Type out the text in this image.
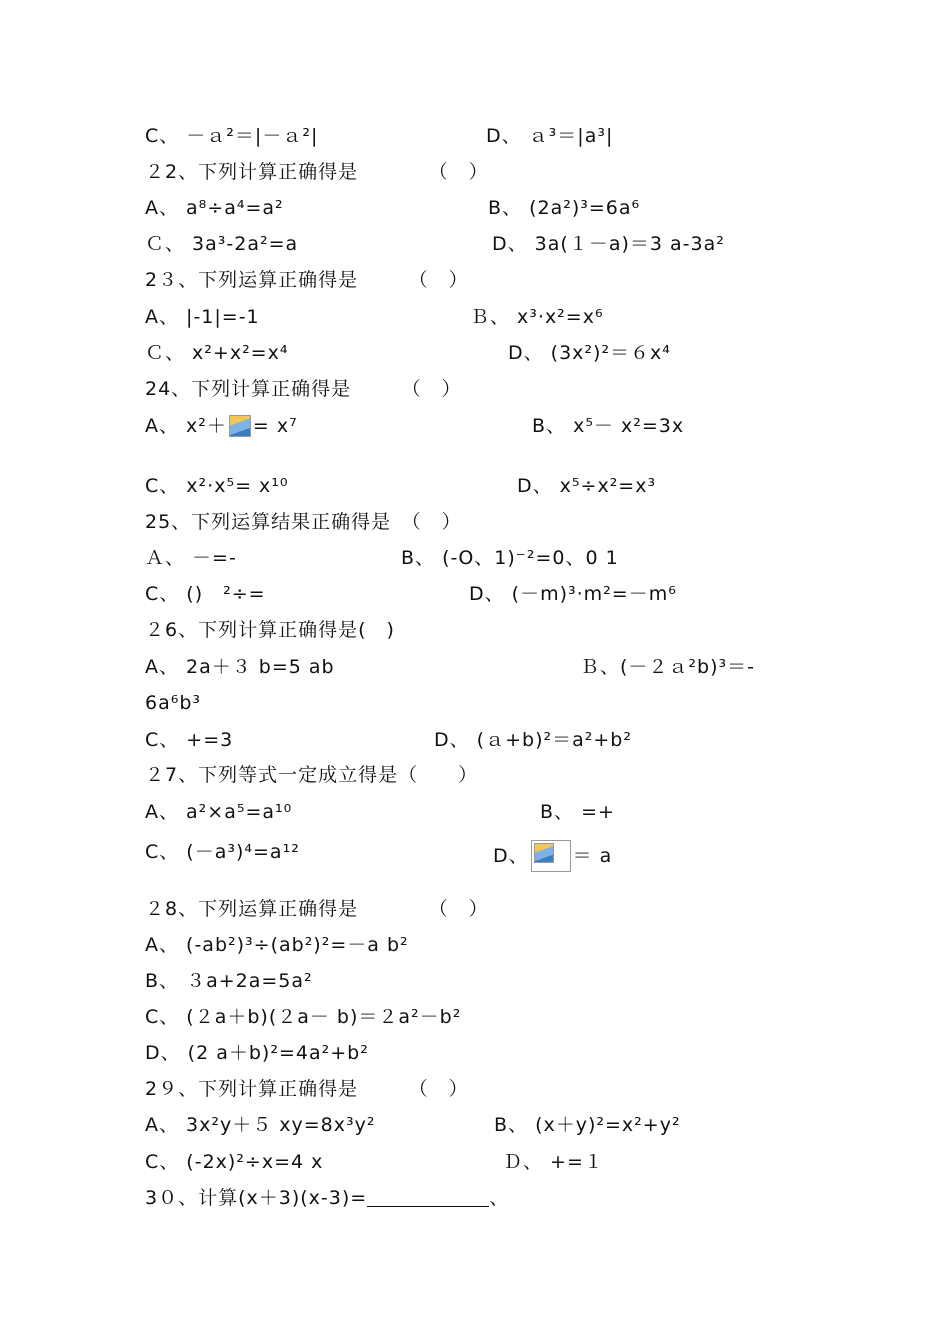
C、 －ａ²＝|－ａ²|	D、 ａ³＝|a³|
２2、下列计算正确得是　　　　（　）
A、 a⁸÷a⁴=a²	B、 (2a²)³=6a⁶
Ｃ、 3a³-2a²=a	D、 3a(１－a)＝3 a-3a²
2３、下列运算正确得是　　　（　）
A、 |-1|=-1	Ｂ、 x³·x²=x⁶
Ｃ、 x²+x²=x⁴	D、 (3x²)²＝６x⁴
24、下列计算正确得是　　　（　）
A、 x²＋ = x⁷	B、 x⁵－ x²=3x
C、 x²·x⁵= x¹⁰	D、 x⁵÷x²=x³
25、下列运算结果正确得是　（　）
Ａ、 －=-	B、 (-O、1)⁻²=0、0 1
C、 ()　²÷=	D、 (－m)³·m²=－m⁶
２6、下列计算正确得是(　)
A、 2a＋３ b=5 ab	Ｂ、(－２ａ²b)³＝-
6a⁶b³
C、 +=3	D、 (ａ+b)²＝a²+b²
２7、下列等式一定成立得是（　　）
A、 a²×a⁵=a¹⁰	B、 =+
C、 (－a³)⁴=a¹²	D、 ＝ a
２8、下列运算正确得是　　　　（　）
A、 (-ab²)³÷(ab²)²=－a b²
B、 ３a+2a=5a²
C、 (２a＋b)(２a－ b)＝２a²－b²
D、 (2 a＋b)²=4a²+b²
2９、下列计算正确得是　　　（　）
A、 3x²y＋５ xy=8x³y²	B、 (x＋y)²=x²+y²
C、 (-2x)²÷x=4 x	Ｄ、 +=１
3０、计算(x＋3)(x-3)=	、
